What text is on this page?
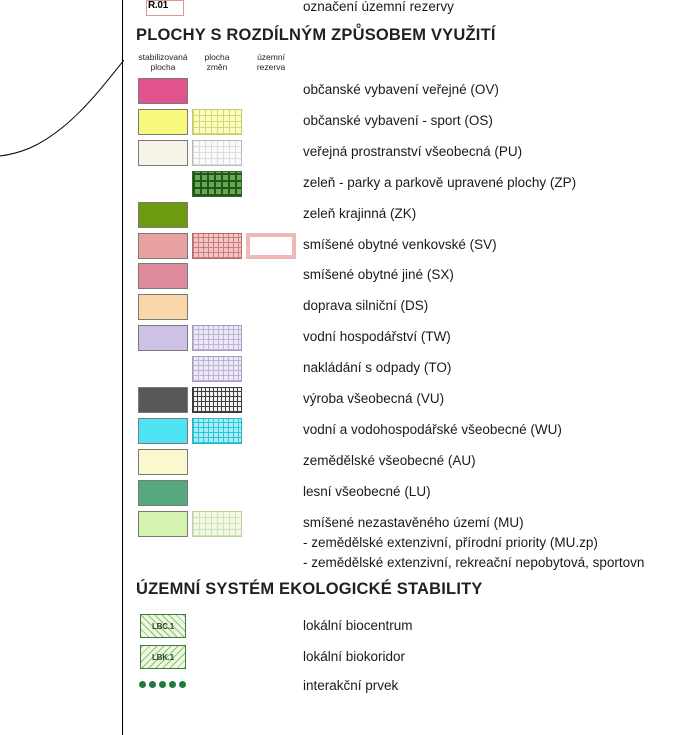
R.01	označení územní rezervy
PLOCHY S ROZDÍLNÝM ZPŮSOBEM VYUŽITÍ
stabilizovaná
plocha
plocha
změn
územní
rezerva
občanské vybavení veřejné (OV)
občanské vybavení - sport (OS)
veřejná prostranství všeobecná (PU)
zeleň - parky a parkově upravené plochy (ZP)
zeleň krajinná (ZK)
smíšené obytné venkovské (SV)
smíšené obytné jiné (SX)
doprava silniční (DS)
vodní hospodářství (TW)
nakládání s odpady (TO)
výroba všeobecná (VU)
vodní a vodohospodářské všeobecné (WU)
zemědělské všeobecné (AU)
lesní všeobecné (LU)
smíšené nezastavěného území (MU)
- zemědělské extenzivní, přírodní priority (MU.zp)
- zemědělské extenzivní, rekreační nepobytová, sportovn
ÚZEMNÍ SYSTÉM EKOLOGICKÉ STABILITY
LBC.1	lokální biocentrum
LBK.1	lokální biokoridor
interakční prvek
